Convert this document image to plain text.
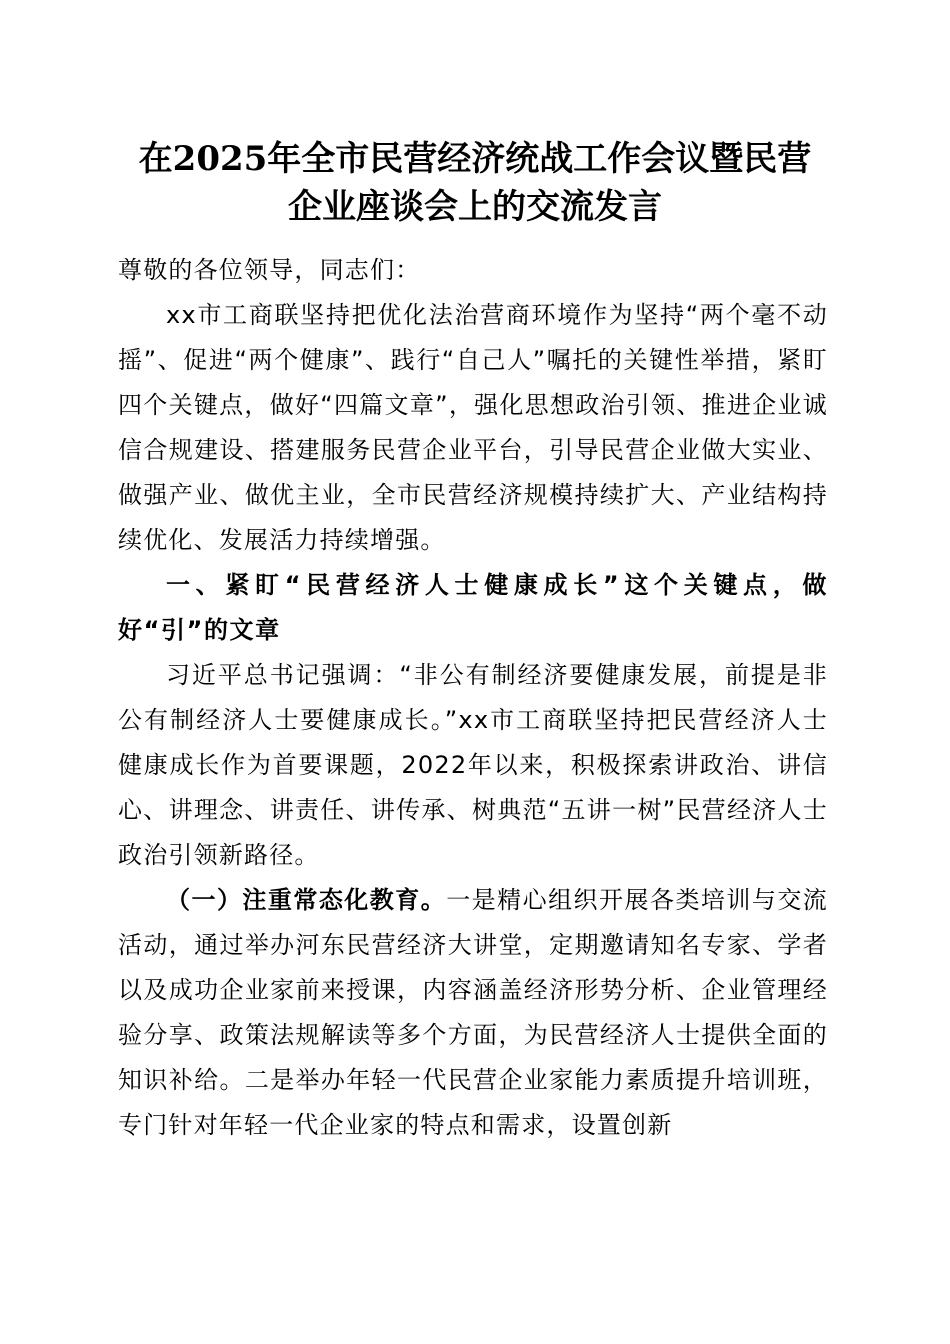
在2025年全市民营经济统战工作会议暨民营
企业座谈会上的交流发言

尊敬的各位领导，同志们：

xx市工商联坚持把优化法治营商环境作为坚持“两个毫不动摇”、促进“两个健康”、践行“自己人”嘱托的关键性举措，紧盯四个关键点，做好“四篇文章”，强化思想政治引领、推进企业诚信合规建设、搭建服务民营企业平台，引导民营企业做大实业、做强产业、做优主业，全市民营经济规模持续扩大、产业结构持续优化、发展活力持续增强。

一、紧盯“民营经济人士健康成长”这个关键点，做好“引”的文章

习近平总书记强调：“非公有制经济要健康发展，前提是非公有制经济人士要健康成长。”xx市工商联坚持把民营经济人士健康成长作为首要课题，2022年以来，积极探索讲政治、讲信心、讲理念、讲责任、讲传承、树典范“五讲一树”民营经济人士政治引领新路径。

（一）注重常态化教育。一是精心组织开展各类培训与交流活动，通过举办河东民营经济大讲堂，定期邀请知名专家、学者以及成功企业家前来授课，内容涵盖经济形势分析、企业管理经验分享、政策法规解读等多个方面，为民营经济人士提供全面的知识补给。二是举办年轻一代民营企业家能力素质提升培训班，专门针对年轻一代企业家的特点和需求，设置创新
